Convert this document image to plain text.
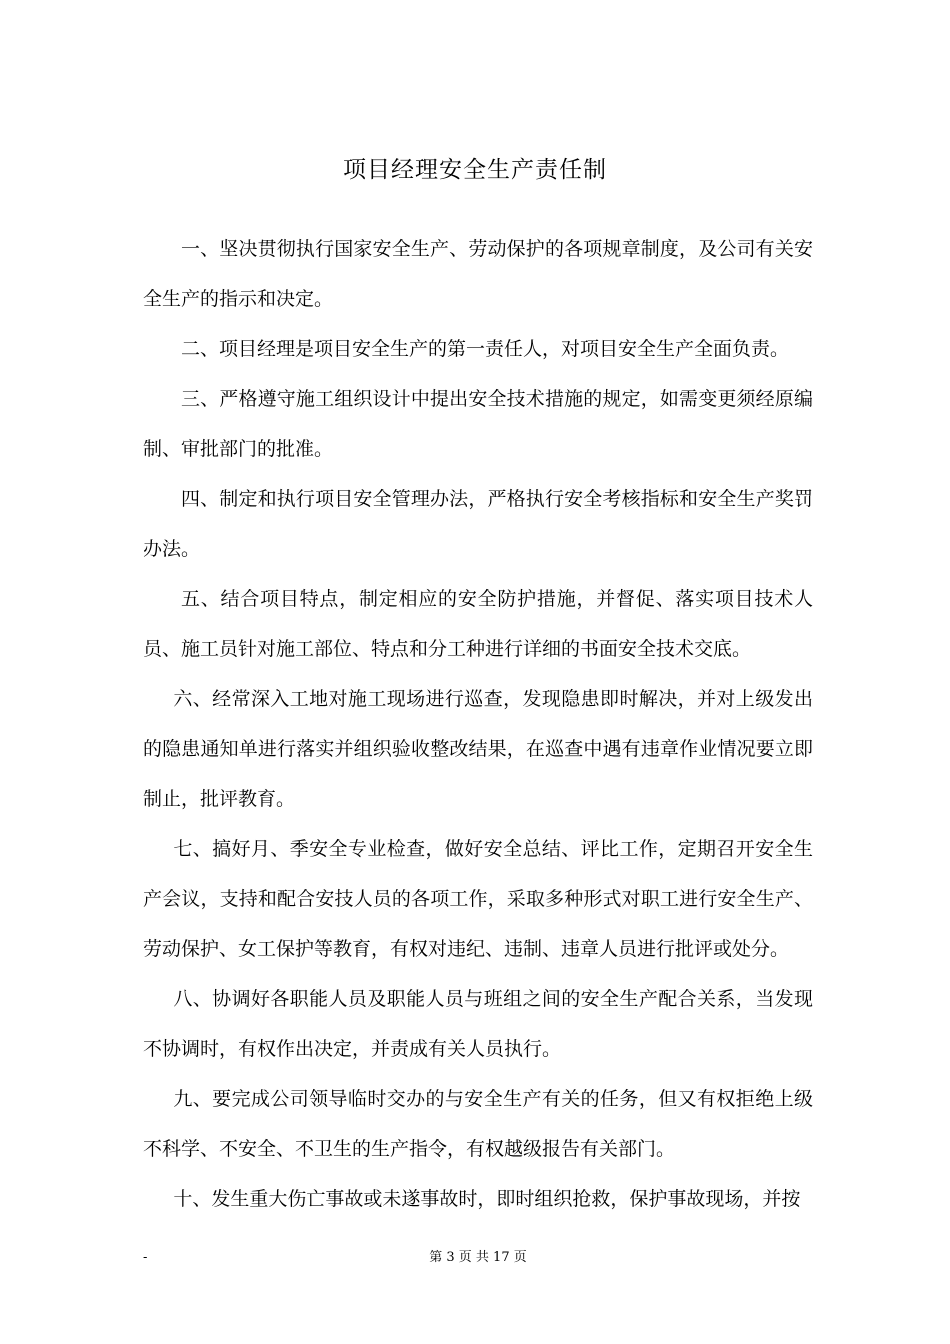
项目经理安全生产责任制

一、坚决贯彻执行国家安全生产、劳动保护的各项规章制度，及公司有关安全生产的指示和决定。

二、项目经理是项目安全生产的第一责任人，对项目安全生产全面负责。

三、严格遵守施工组织设计中提出安全技术措施的规定，如需变更须经原编制、审批部门的批准。

四、制定和执行项目安全管理办法，严格执行安全考核指标和安全生产奖罚办法。

五、结合项目特点，制定相应的安全防护措施，并督促、落实项目技术人员、施工员针对施工部位、特点和分工种进行详细的书面安全技术交底。

六、经常深入工地对施工现场进行巡查，发现隐患即时解决，并对上级发出的隐患通知单进行落实并组织验收整改结果，在巡查中遇有违章作业情况要立即制止，批评教育。

七、搞好月、季安全专业检查，做好安全总结、评比工作，定期召开安全生产会议，支持和配合安技人员的各项工作，采取多种形式对职工进行安全生产、劳动保护、女工保护等教育，有权对违纪、违制、违章人员进行批评或处分。

八、协调好各职能人员及职能人员与班组之间的安全生产配合关系，当发现不协调时，有权作出决定，并责成有关人员执行。

九、要完成公司领导临时交办的与安全生产有关的任务，但又有权拒绝上级不科学、不安全、不卫生的生产指令，有权越级报告有关部门。

十、发生重大伤亡事故或未遂事故时，即时组织抢救，保护事故现场，并按

-	第 3 页 共 17 页
